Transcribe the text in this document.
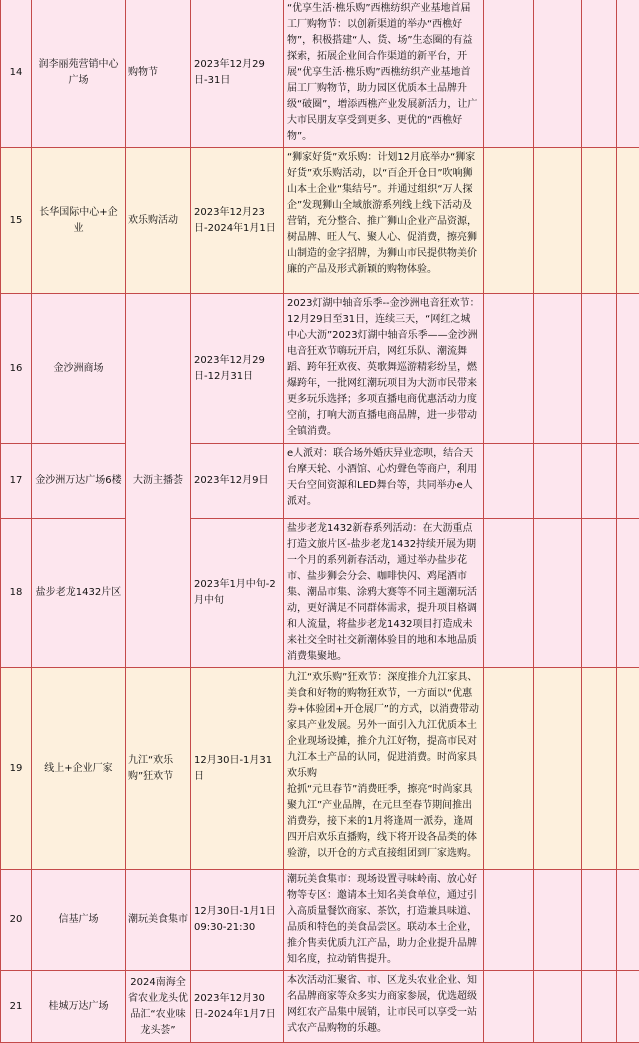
14	润李丽苑营销中心广场	购物节	2023年12月29日-31日	“优享生活·樵乐购”西樵纺织产业基地首届工厂购物节：以创新渠道的举办“西樵好物”，积极搭建“人、货、场”生态圈的有益探索，拓展企业间合作渠道的新平台，开展“优享生活·樵乐购”西樵纺织产业基地首届工厂购物节，助力园区优质本土品牌升级“破圈”，增添西樵产业发展新活力，让广大市民朋友享受到更多、更优的“西樵好物”。				
15	长华国际中心+企业	欢乐购活动	2023年12月23日-2024年1月1日	“狮家好货”欢乐购：计划12月底举办“狮家好货”欢乐购活动，以“百企开仓日”吹响狮山本土企业“集结号”。并通过组织“万人探企”发现狮山全域旅游系列线上线下活动及营销，充分整合、推广狮山企业产品资源，树品牌、旺人气、聚人心、促消费，擦亮狮山制造的金字招牌，为狮山市民提供物美价廉的产品及形式新颖的购物体验。				
16	金沙洲商场	大沥主播荟	2023年12月29日-12月31日	2023灯湖中轴音乐季--金沙洲电音狂欢节：12月29日至31日，连续三天，“网红之城中心大沥”2023灯湖中轴音乐季——金沙洲电音狂欢节嗨玩开启，网红乐队、潮流舞蹈、跨年狂欢夜、英歌舞巡游精彩纷呈，燃爆跨年，一批网红潮玩项目为大沥市民带来更多玩乐选择；多项直播电商优惠活动力度空前，打响大沥直播电商品牌，进一步带动全镇消费。				
17	金沙洲万达广场6楼		2023年12月9日	e人派对：联合场外婚庆异业恋呗，结合天台摩天轮、小酒馆、心灼聲色等商户，利用天台空间资源和LED舞台等，共同举办e人派对。				
18	盐步老龙1432片区		2023年1月中旬-2月中旬	盐步老龙1432新春系列活动：在大沥重点打造文旅片区-盐步老龙1432持续开展为期一个月的系列新春活动，通过举办盐步花市、盐步狮会分会、咖啡快闪、鸡尾酒市集、潮品市集、涂鸦大赛等不同主题潮玩活动，更好满足不同群体需求，提升项目格调和人流量，将盐步老龙1432项目打造成未来社交全时社交新潮体验目的地和本地品质消费集聚地。				
19	线上+企业厂家	九江“欢乐购”狂欢节	12月30日-1月31日	九江“欢乐购”狂欢节：深度推介九江家具、美食和好物的购物狂欢节，一方面以“优惠券+体验团+开仓展厂”的方式，以消费带动家具产业发展。另外一面引入九江优质本土企业现场设摊，推介九江好物，提高市民对九江本土产品的认同，促进消费。时尚家具欢乐购
抢抓“元旦春节”消费旺季，擦亮“时尚家具聚九江”产业品牌，在元旦至春节期间推出消费券，接下来的1月将逢周一派券，逢周四开启欢乐直播购，线下将开设各品类的体验游，以开仓的方式直接组团到厂家选购。				
20	信基广场	潮玩美食集市	12月30日-1月1日 09:30-21:30	潮玩美食集市：现场设置寻味岭南、放心好物等专区：邀请本土知名美食单位，通过引入高质量餐饮商家、茶饮，打造兼具味道、品质和特色的美食品尝区。联动本土企业，推介售卖优质九江产品，助力企业提升品牌知名度，拉动销售提升。				
21	桂城万达广场	2024南海全省农业龙头优品汇“农业味 龙头荟”	2023年12月30日-2024年1月7日	本次活动汇聚省、市、区龙头农业企业、知名品牌商家等众多实力商家参展，优选超级网红农产品集中展销，让市民可以享受一站式农产品购物的乐趣。				
